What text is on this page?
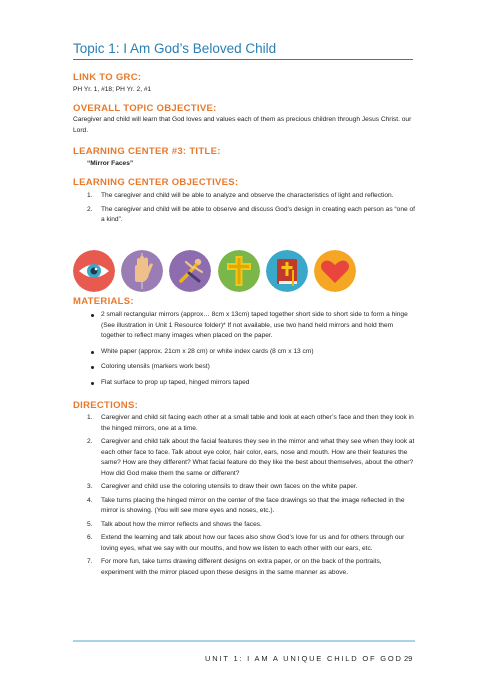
Topic 1: I Am God’s Beloved Child
LINK TO GRC:
PH Yr. 1, #18; PH Yr. 2, #1
OVERALL TOPIC OBJECTIVE:
Caregiver and child will learn that God loves and values each of them as precious children through Jesus Christ. our Lord.
LEARNING CENTER #3: TITLE:
“Mirror Faces”
LEARNING CENTER OBJECTIVES:
1. The caregiver and child will be able to analyze and observe the characteristics of light and reflection.
2. The caregiver and child will be able to observe and discuss God’s design in creating each person as “one of a kind”.
MATERIALS:
2 small rectangular mirrors (approx… 8cm x 13cm) taped together short side to short side to form a hinge (See illustration in Unit 1 Resource folder)* If not available, use two hand held mirrors and hold them together to reflect many images when placed on the paper.
White paper (approx. 21cm x 28 cm) or white index cards (8 cm x 13 cm)
Coloring utensils (markers work best)
Flat surface to prop up taped, hinged mirrors taped
DIRECTIONS:
1. Caregiver and child sit facing each other at a small table and look at each other’s face and then they look in the hinged mirrors, one at a time.
2. Caregiver and child talk about the facial features they see in the mirror and what they see when they look at each other face to face. Talk about eye color, hair color, ears, nose and mouth. How are their features the same? How are they different? What facial feature do they like the best about themselves, about the other? How did God make them the same or different?
3. Caregiver and child use the coloring utensils to draw their own faces on the white paper.
4. Take turns placing the hinged mirror on the center of the face drawings so that the image reflected in the mirror is showing. (You will see more eyes and noses, etc.).
5. Talk about how the mirror reflects and shows the faces.
6. Extend the learning and talk about how our faces also show God’s love for us and for others through our loving eyes, what we say with our mouths, and how we listen to each other with our ears, etc.
7. For more fun, take turns drawing different designs on extra paper, or on the back of the portraits, experiment with the mirror placed upon these designs in the same manner as above.
UNIT 1: I AM A UNIQUE CHILD OF GOD 29
